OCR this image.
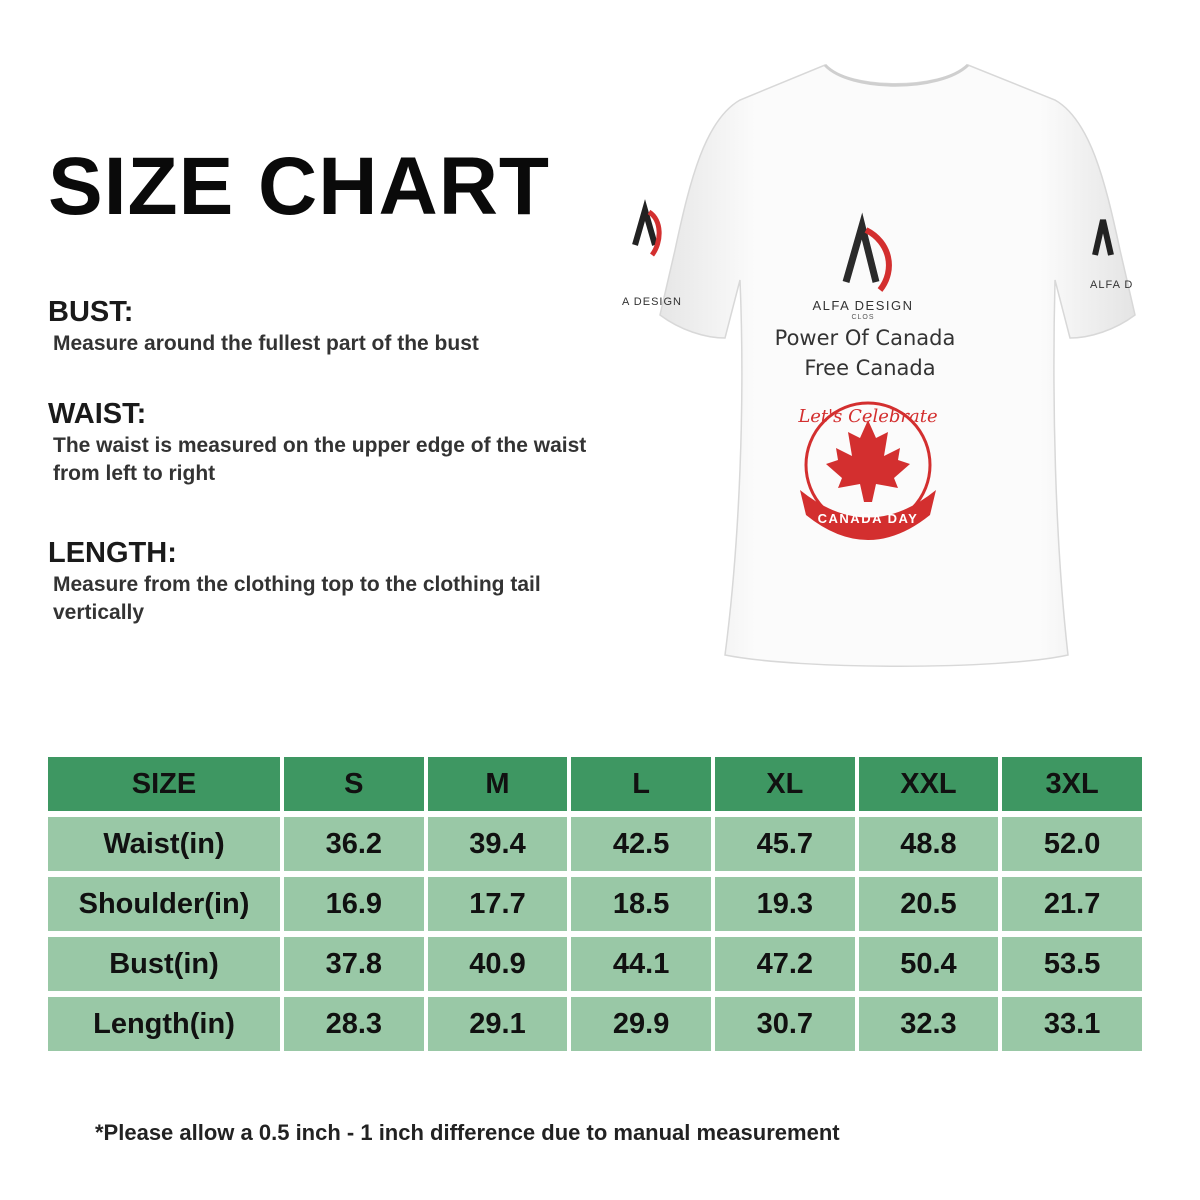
SIZE CHART
BUST:
Measure around the fullest part of the bust
WAIST:
The waist is measured on the upper edge of the waist from left to right
LENGTH:
Measure from the clothing top to the clothing tail vertically
A DESIGN
ALFA D
ALFA DESIGN
CLOS
Power Of Canada
Free Canada
Let's Celebrate
CANADA DAY
SIZE	S	M	L	XL	XXL	3XL
Waist(in)	36.2	39.4	42.5	45.7	48.8	52.0
Shoulder(in)	16.9	17.7	18.5	19.3	20.5	21.7
Bust(in)	37.8	40.9	44.1	47.2	50.4	53.5
Length(in)	28.3	29.1	29.9	30.7	32.3	33.1
*Please allow a 0.5 inch - 1 inch difference due to manual measurement
